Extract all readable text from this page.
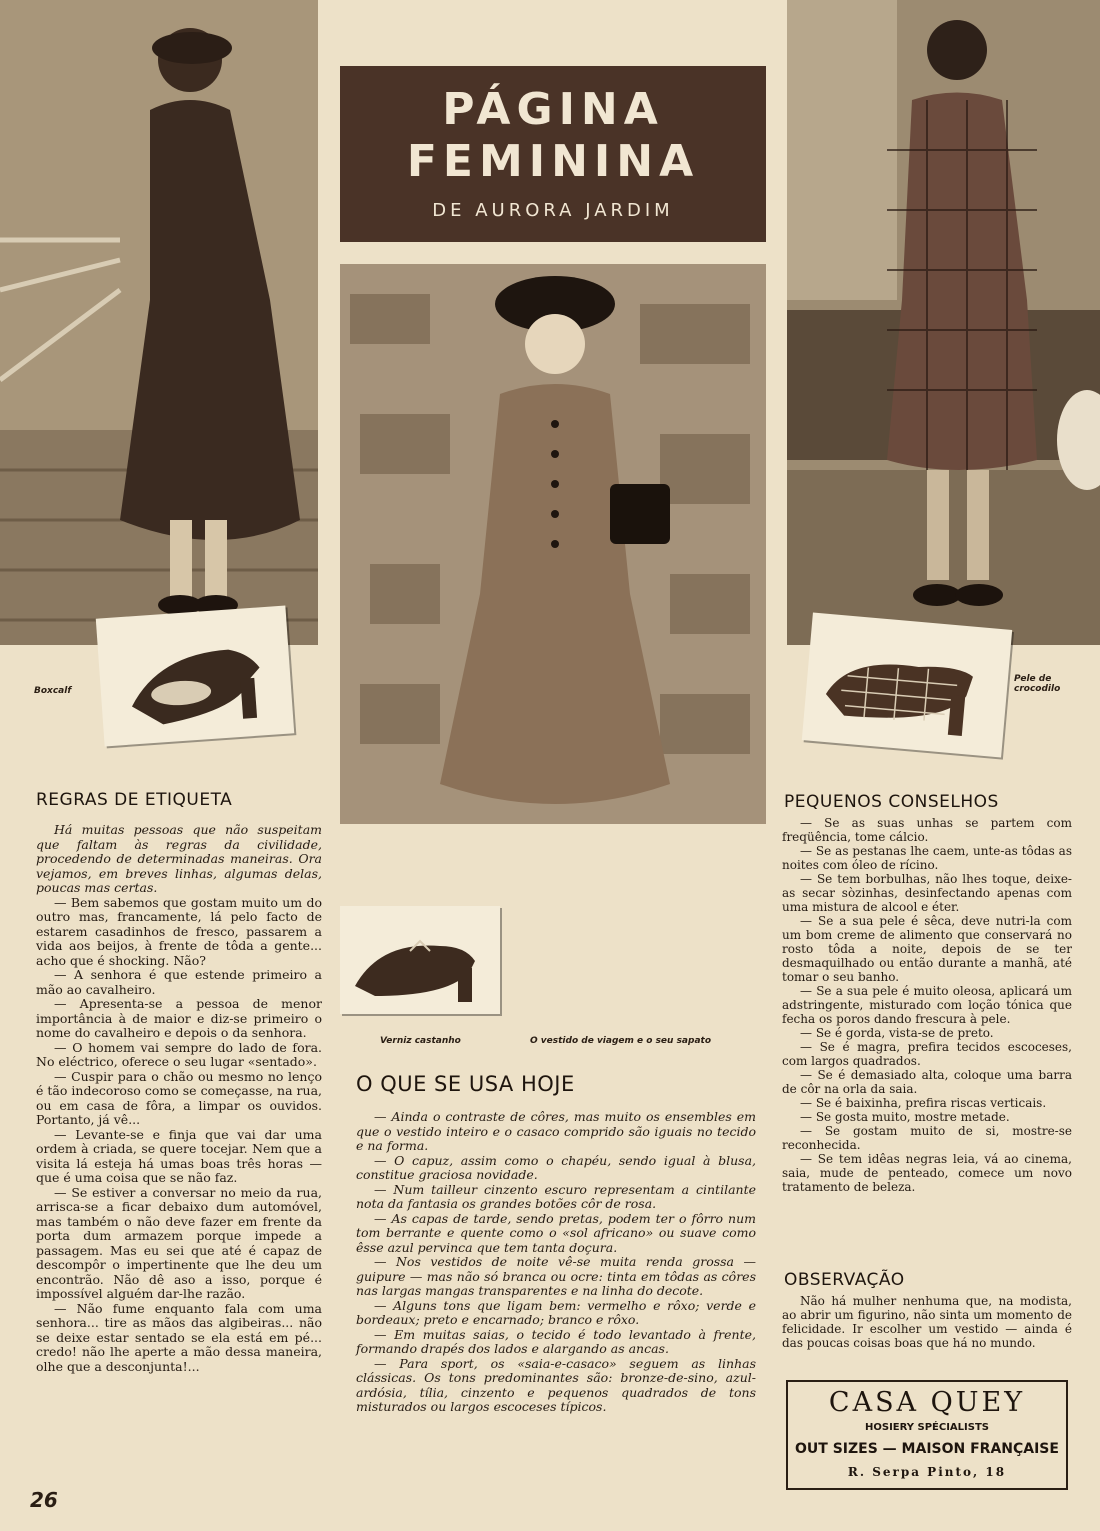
PÁGINA
FEMININA
DE AURORA JARDIM
Boxcalf
Pele de crocodilo
Verniz castanho	O vestido de viagem e o seu sapato
REGRAS DE ETIQUETA

Há muitas pessoas que não suspeitam que faltam às regras da civilidade, procedendo de determinadas maneiras. Ora vejamos, em breves linhas, algumas delas, poucas mas certas.

— Bem sabemos que gostam muito um do outro mas, francamente, lá pelo facto de estarem casadinhos de fresco, passarem a vida aos beijos, à frente de tôda a gente... acho que é shocking. Não?

— A senhora é que estende primeiro a mão ao cavalheiro.

— Apresenta-se a pessoa de menor importância à de maior e diz-se primeiro o nome do cavalheiro e depois o da senhora.

— O homem vai sempre do lado de fora. No eléctrico, oferece o seu lugar «sentado».

— Cuspir para o chão ou mesmo no lenço é tão indecoroso como se começasse, na rua, ou em casa de fôra, a limpar os ouvidos. Portanto, já vê...

— Levante-se e finja que vai dar uma ordem à criada, se quere tocejar. Nem que a visita lá esteja há umas boas três horas — que é uma coisa que se não faz.

— Se estiver a conversar no meio da rua, arrisca-se a ficar debaixo dum automóvel, mas também o não deve fazer em frente da porta dum armazem porque impede a passagem. Mas eu sei que até é capaz de descompôr o impertinente que lhe deu um encontrão. Não dê aso a isso, porque é impossível alguém dar-lhe razão.

— Não fume enquanto fala com uma senhora... tire as mãos das algibeiras... não se deixe estar sentado se ela está em pé... credo! não lhe aperte a mão dessa maneira, olhe que a desconjunta!...

O QUE SE USA HOJE

— Ainda o contraste de côres, mas muito os ensembles em que o vestido inteiro e o casaco comprido são iguais no tecido e na forma.

— O capuz, assim como o chapéu, sendo igual à blusa, constitue graciosa novidade.

— Num tailleur cinzento escuro representam a cintilante nota da fantasia os grandes botões côr de rosa.

— As capas de tarde, sendo pretas, podem ter o fôrro num tom berrante e quente como o «sol africano» ou suave como êsse azul pervinca que tem tanta doçura.

— Nos vestidos de noite vê-se muita renda grossa — guipure — mas não só branca ou ocre: tinta em tôdas as côres nas largas mangas transparentes e na linha do decote.

— Alguns tons que ligam bem: vermelho e rôxo; verde e bordeaux; preto e encarnado; branco e rôxo.

— Em muitas saias, o tecido é todo levantado à frente, formando drapés dos lados e alargando as ancas.

— Para sport, os «saia-e-casaco» seguem as linhas clássicas. Os tons predominantes são: bronze-de-sino, azul-ardósia, tília, cinzento e pequenos quadrados de tons misturados ou largos escoceses típicos.

PEQUENOS CONSELHOS

— Se as suas unhas se partem com freqüência, tome cálcio.

— Se as pestanas lhe caem, unte-as tôdas as noites com óleo de rícino.

— Se tem borbulhas, não lhes toque, deixe-as secar sòzinhas, desinfectando apenas com uma mistura de alcool e éter.

— Se a sua pele é sêca, deve nutri-la com um bom creme de alimento que conservará no rosto tôda a noite, depois de se ter desmaquilhado ou então durante a manhã, até tomar o seu banho.

— Se a sua pele é muito oleosa, aplicará um adstringente, misturado com loção tónica que fecha os poros dando frescura à pele.

— Se é gorda, vista-se de preto.

— Se é magra, prefira tecidos escoceses, com largos quadrados.

— Se é demasiado alta, coloque uma barra de côr na orla da saia.

— Se é baixinha, prefira riscas verticais.

— Se gosta muito, mostre metade.

— Se gostam muito de si, mostre-se reconhecida.

— Se tem idêas negras leia, vá ao cinema, saia, mude de penteado, comece um novo tratamento de beleza.

OBSERVAÇÃO

Não há mulher nenhuma que, na modista, ao abrir um figurino, não sinta um momento de felicidade. Ir escolher um vestido — ainda é das poucas coisas boas que há no mundo.

CASA QUEY
HOSIERY SPÉCIALISTS
OUT SIZES — MAISON FRANÇAISE
R. Serpa Pinto, 18
26
